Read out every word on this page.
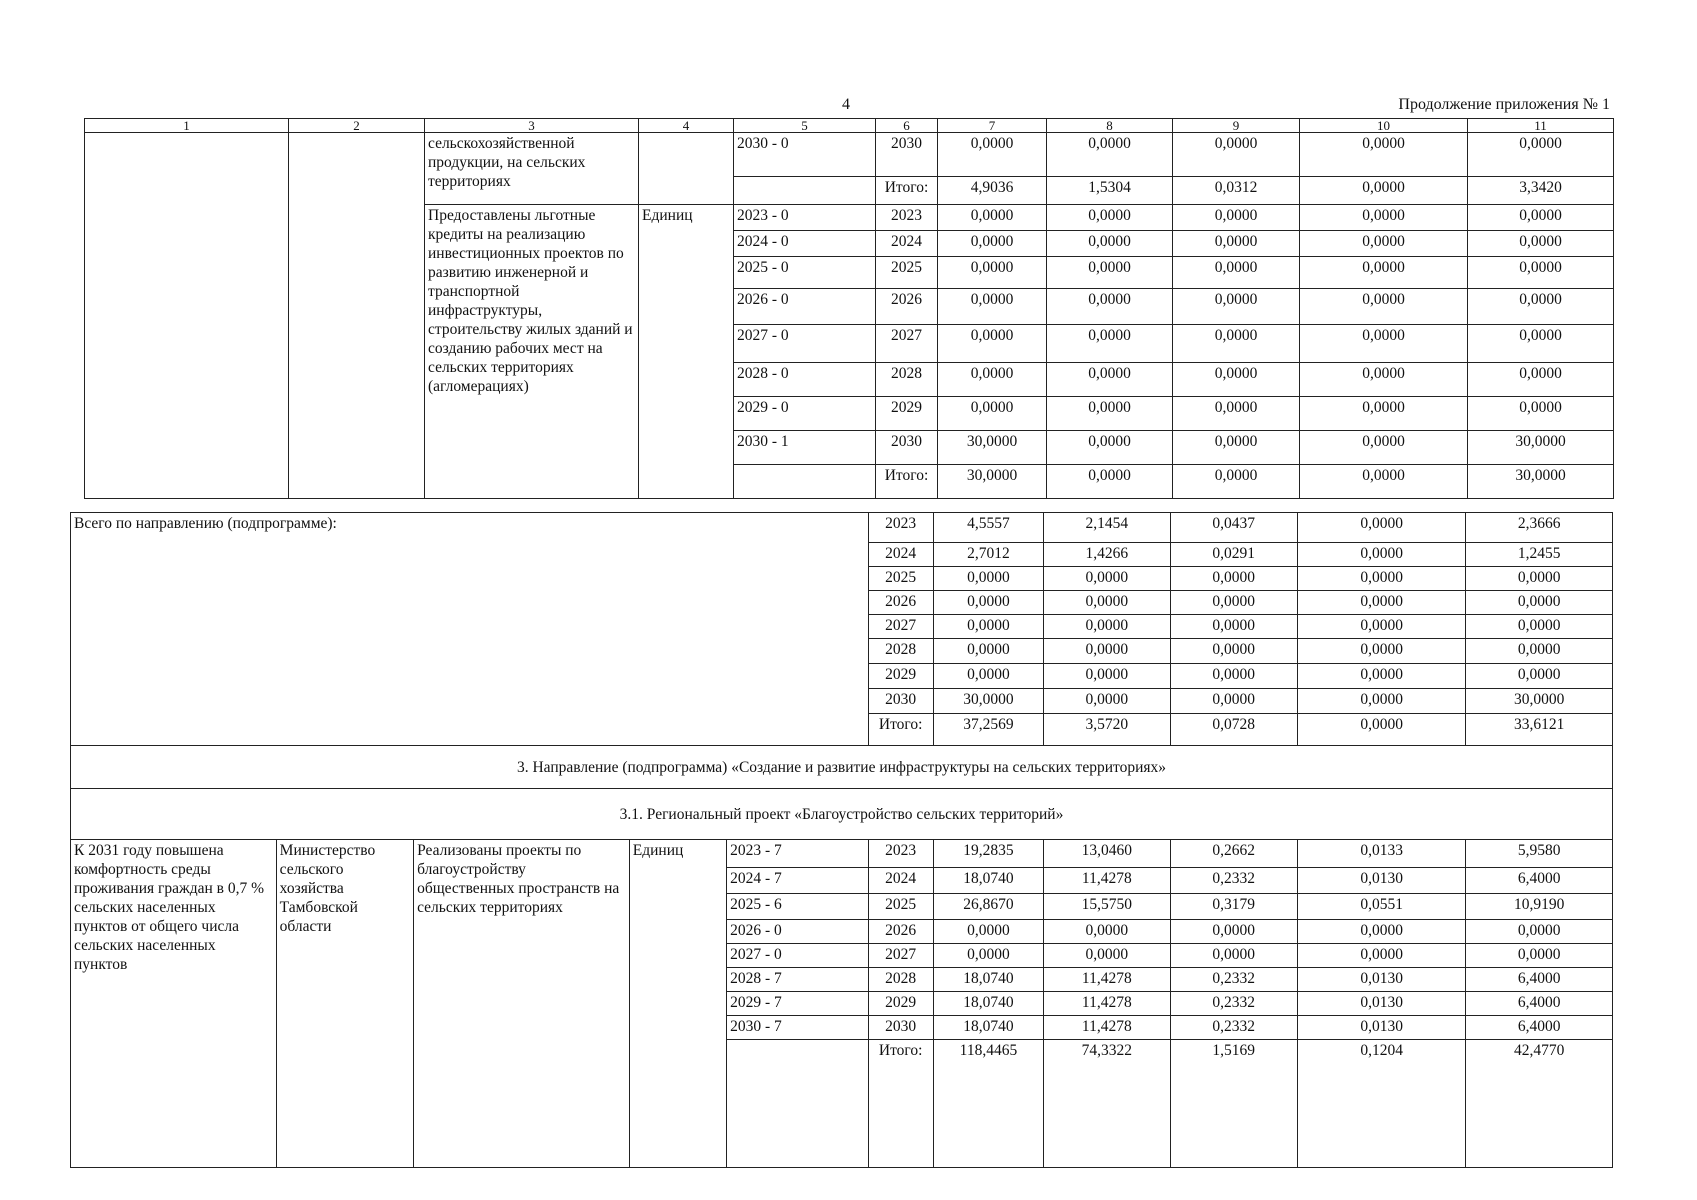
4	Продолжение приложения № 1
1	2	3	4	5	6	7	8	9	10	11
		сельскохозяйственной продукции, на сельских территориях		2030 - 0	2030	0,0000	0,0000	0,0000	0,0000	0,0000
					Итого:	4,9036	1,5304	0,0312	0,0000	3,3420
		Предоставлены льготные кредиты на реализацию инвестиционных проектов по развитию инженерной и транспортной инфраструктуры, строительству жилых зданий и созданию рабочих мест на сельских территориях (агломерациях)	Единиц	2023 - 0	2023	0,0000	0,0000	0,0000	0,0000	0,0000
				2024 - 0	2024	0,0000	0,0000	0,0000	0,0000	0,0000
				2025 - 0	2025	0,0000	0,0000	0,0000	0,0000	0,0000
				2026 - 0	2026	0,0000	0,0000	0,0000	0,0000	0,0000
				2027 - 0	2027	0,0000	0,0000	0,0000	0,0000	0,0000
				2028 - 0	2028	0,0000	0,0000	0,0000	0,0000	0,0000
				2029 - 0	2029	0,0000	0,0000	0,0000	0,0000	0,0000
				2030 - 1	2030	30,0000	0,0000	0,0000	0,0000	30,0000
					Итого:	30,0000	0,0000	0,0000	0,0000	30,0000
Всего по направлению (подпрограмме):					2023	4,5557	2,1454	0,0437	0,0000	2,3666
					2024	2,7012	1,4266	0,0291	0,0000	1,2455
					2025	0,0000	0,0000	0,0000	0,0000	0,0000
					2026	0,0000	0,0000	0,0000	0,0000	0,0000
					2027	0,0000	0,0000	0,0000	0,0000	0,0000
					2028	0,0000	0,0000	0,0000	0,0000	0,0000
					2029	0,0000	0,0000	0,0000	0,0000	0,0000
					2030	30,0000	0,0000	0,0000	0,0000	30,0000
					Итого:	37,2569	3,5720	0,0728	0,0000	33,6121
3. Направление (подпрограмма) «Создание и развитие инфраструктуры на сельских территориях»										
3.1. Региональный проект «Благоустройство сельских территорий»										
К 2031 году повышена комфортность среды проживания граждан в 0,7 % сельских населенных пунктов от общего числа сельских населенных пунктов	Министерство сельского хозяйства Тамбовской области	Реализованы проекты по благоустройству общественных пространств на сельских территориях	Единиц	2023 - 7	2023	19,2835	13,0460	0,2662	0,0133	5,9580
				2024 - 7	2024	18,0740	11,4278	0,2332	0,0130	6,4000
				2025 - 6	2025	26,8670	15,5750	0,3179	0,0551	10,9190
				2026 - 0	2026	0,0000	0,0000	0,0000	0,0000	0,0000
				2027 - 0	2027	0,0000	0,0000	0,0000	0,0000	0,0000
				2028 - 7	2028	18,0740	11,4278	0,2332	0,0130	6,4000
				2029 - 7	2029	18,0740	11,4278	0,2332	0,0130	6,4000
				2030 - 7	2030	18,0740	11,4278	0,2332	0,0130	6,4000
					Итого:	118,4465	74,3322	1,5169	0,1204	42,4770
